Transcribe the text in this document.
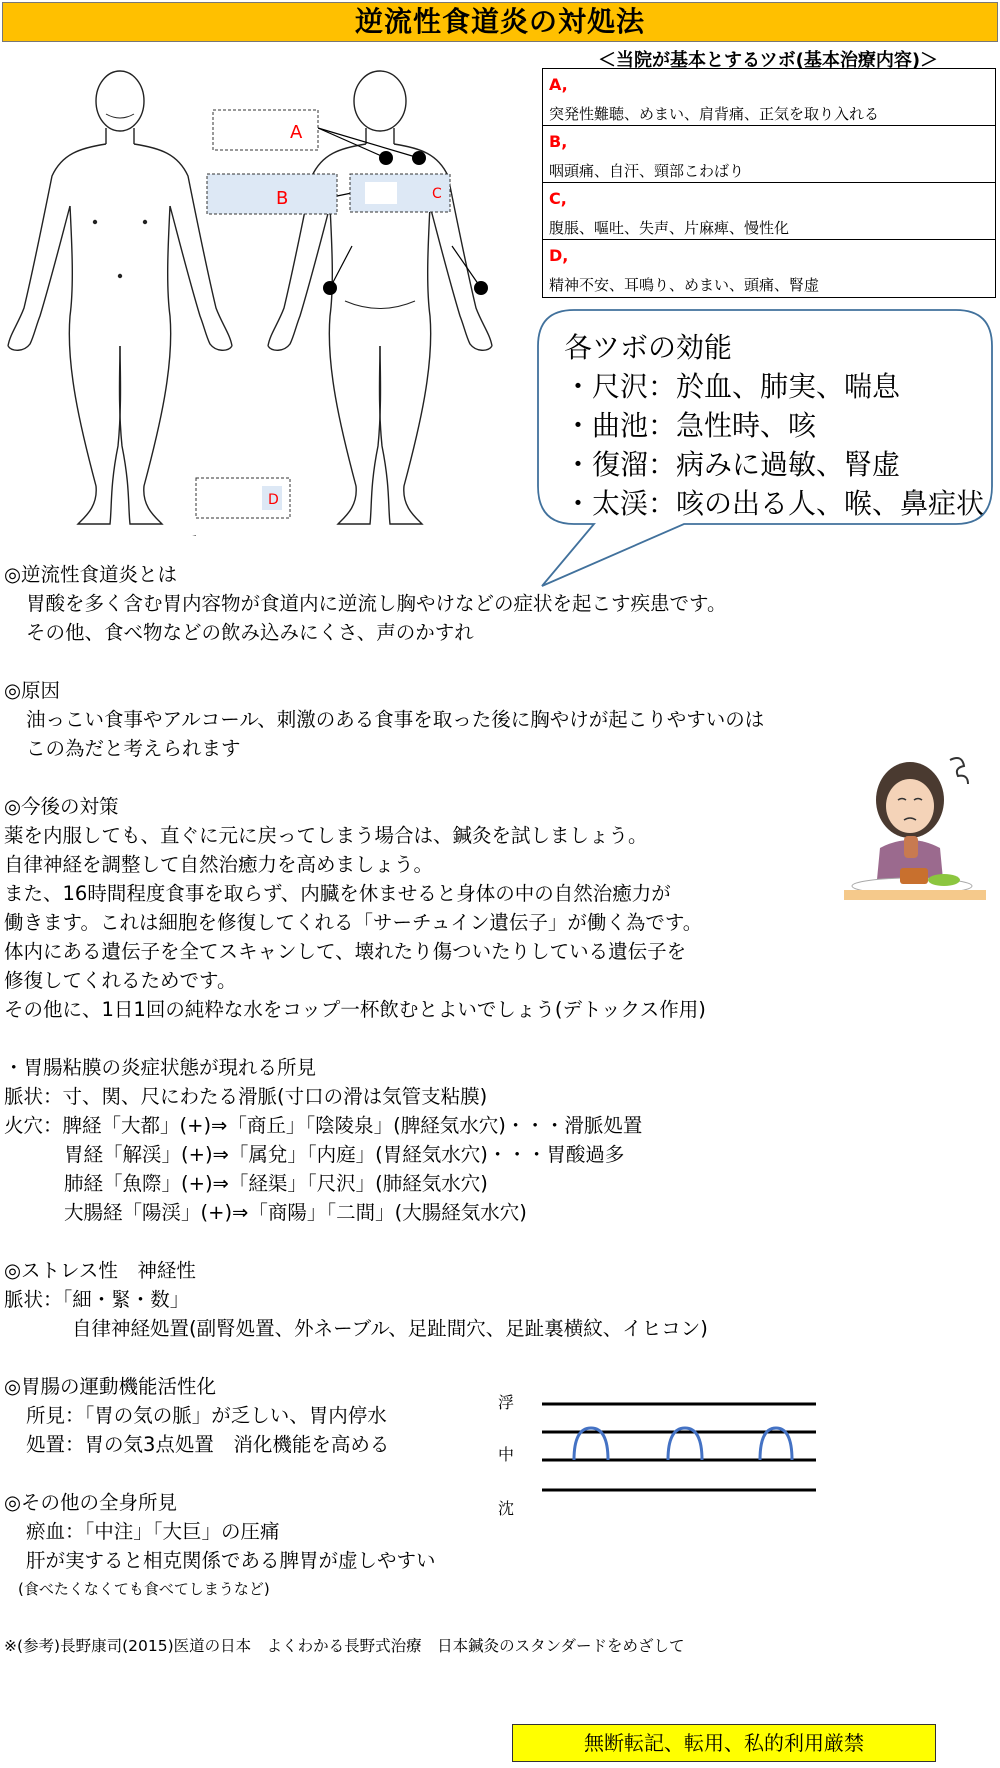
逆流性食道炎の対処法
A
B	C
D
＜当院が基本とするツボ(基本治療内容)＞
A,
突発性難聴、めまい、肩背痛、正気を取り入れる
B,
咽頭痛、自汗、頸部こわばり
C,
腹脹、嘔吐、失声、片麻痺、慢性化
D,
精神不安、耳鳴り、めまい、頭痛、腎虚
各ツボの効能
・尺沢：於血、肺実、喘息
・曲池：急性時、咳
・復溜：病みに過敏、腎虚
・太渓：咳の出る人、喉、鼻症状
◎逆流性食道炎とは
胃酸を多く含む胃内容物が食道内に逆流し胸やけなどの症状を起こす疾患です。
その他、食べ物などの飲み込みにくさ、声のかすれ
◎原因
油っこい食事やアルコール、刺激のある食事を取った後に胸やけが起こりやすいのは
この為だと考えられます
◎今後の対策
薬を内服しても、直ぐに元に戻ってしまう場合は、鍼灸を試しましょう。
自律神経を調整して自然治癒力を高めましょう。
また、16時間程度食事を取らず、内臓を休ませると身体の中の自然治癒力が
働きます。これは細胞を修復してくれる「サーチュイン遺伝子」が働く為です。
体内にある遺伝子を全てスキャンして、壊れたり傷ついたりしている遺伝子を
修復してくれるためです。
その他に、1日1回の純粋な水をコップ一杯飲むとよいでしょう(デトックス作用)
・胃腸粘膜の炎症状態が現れる所見
脈状：寸、関、尺にわたる滑脈(寸口の滑は気管支粘膜)
火穴：脾経「大都」(+)⇒「商丘」「陰陵泉」(脾経気水穴)・・・滑脈処置
胃経「解渓」(+)⇒「属兌」「内庭」(胃経気水穴)・・・胃酸過多
肺経「魚際」(+)⇒「経渠」「尺沢」(肺経気水穴)
大腸経「陽渓」(+)⇒「商陽」「二間」(大腸経気水穴)
◎ストレス性　神経性
脈状：「細・緊・数」
自律神経処置(副腎処置、外ネーブル、足趾間穴、足趾裏横紋、イヒコン)
◎胃腸の運動機能活性化
所見：「胃の気の脈」が乏しい、胃内停水
処置：胃の気3点処置　消化機能を高める
◎その他の全身所見
瘀血：「中注」「大巨」の圧痛
肝が実すると相克関係である脾胃が虚しやすい
(食べたくなくても食べてしまうなど)
浮
中
沈
※(参考)長野康司(2015)医道の日本　よくわかる長野式治療　日本鍼灸のスタンダードをめざして
無断転記、転用、私的利用厳禁
